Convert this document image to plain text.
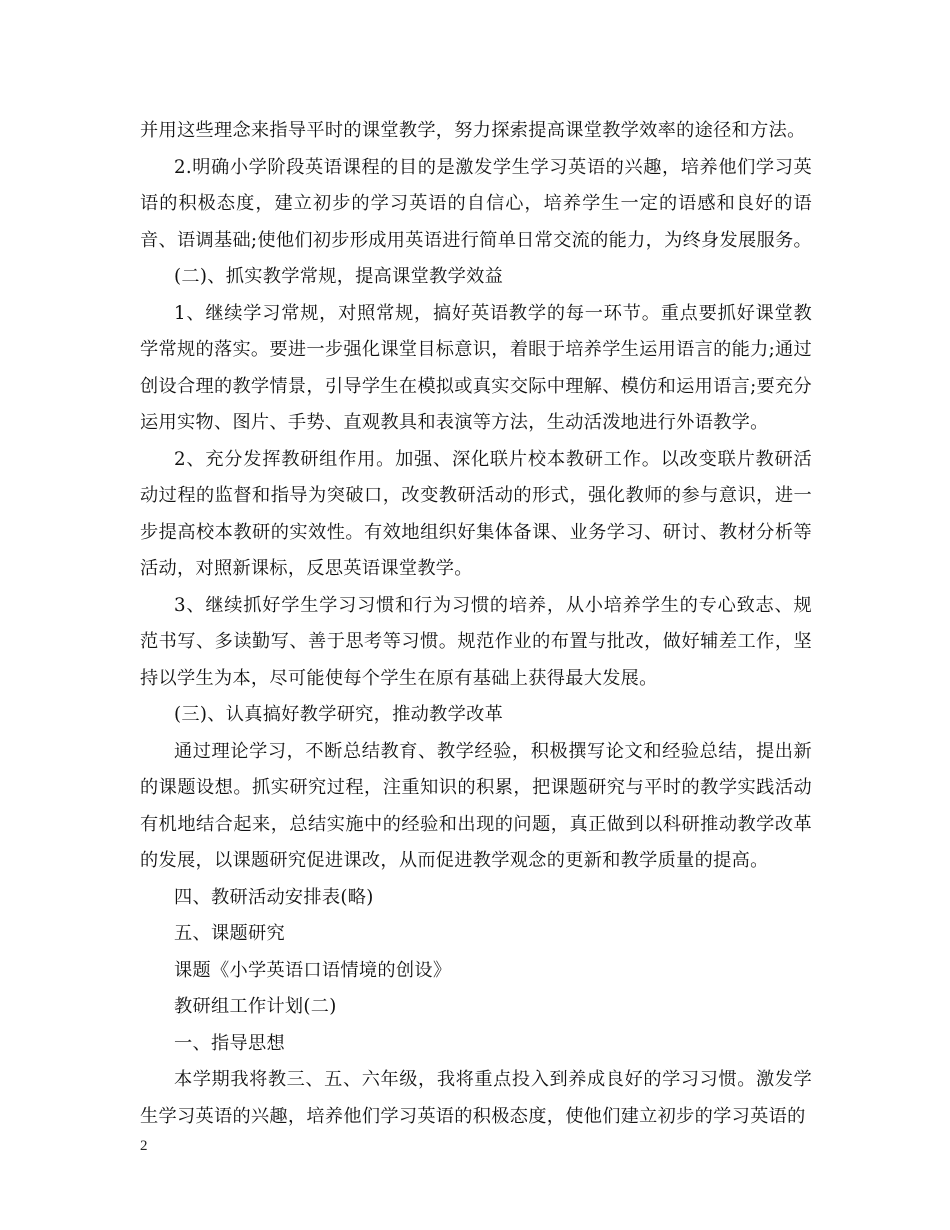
并用这些理念来指导平时的课堂教学，努力探索提高课堂教学效率的途径和方法。

2.明确小学阶段英语课程的目的是激发学生学习英语的兴趣，培养他们学习英语的积极态度，建立初步的学习英语的自信心，培养学生一定的语感和良好的语音、语调基础;使他们初步形成用英语进行简单日常交流的能力，为终身发展服务。

(二)、抓实教学常规，提高课堂教学效益

1、继续学习常规，对照常规，搞好英语教学的每一环节。重点要抓好课堂教学常规的落实。要进一步强化课堂目标意识，着眼于培养学生运用语言的能力;通过创设合理的教学情景，引导学生在模拟或真实交际中理解、模仿和运用语言;要充分运用实物、图片、手势、直观教具和表演等方法，生动活泼地进行外语教学。

2、充分发挥教研组作用。加强、深化联片校本教研工作。以改变联片教研活动过程的监督和指导为突破口，改变教研活动的形式，强化教师的参与意识，进一步提高校本教研的实效性。有效地组织好集体备课、业务学习、研讨、教材分析等活动，对照新课标，反思英语课堂教学。

3、继续抓好学生学习习惯和行为习惯的培养，从小培养学生的专心致志、规范书写、多读勤写、善于思考等习惯。规范作业的布置与批改，做好辅差工作，坚持以学生为本，尽可能使每个学生在原有基础上获得最大发展。

(三)、认真搞好教学研究，推动教学改革

通过理论学习，不断总结教育、教学经验，积极撰写论文和经验总结，提出新的课题设想。抓实研究过程，注重知识的积累，把课题研究与平时的教学实践活动有机地结合起来，总结实施中的经验和出现的问题，真正做到以科研推动教学改革的发展，以课题研究促进课改，从而促进教学观念的更新和教学质量的提高。

四、教研活动安排表(略)

五、课题研究

课题《小学英语口语情境的创设》

教研组工作计划(二)

一、指导思想

本学期我将教三、五、六年级，我将重点投入到养成良好的学习习惯。激发学生学习英语的兴趣，培养他们学习英语的积极态度，使他们建立初步的学习英语的

2
